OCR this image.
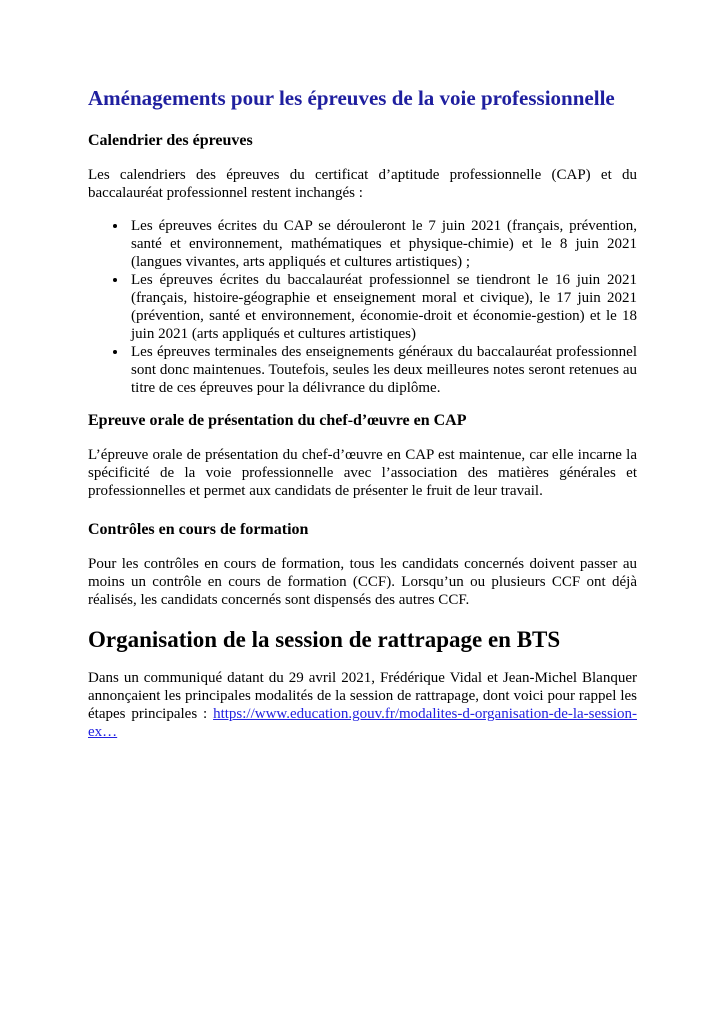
Aménagements pour les épreuves de la voie professionnelle
Calendrier des épreuves

Les calendriers des épreuves du certificat d’aptitude professionnelle (CAP) et du baccalauréat professionnel restent inchangés :

• Les épreuves écrites du CAP se dérouleront le 7 juin 2021 (français, prévention, santé et environnement, mathématiques et physique-chimie) et le 8 juin 2021 (langues vivantes, arts appliqués et cultures artistiques) ;
• Les épreuves écrites du baccalauréat professionnel se tiendront le 16 juin 2021 (français, histoire-géographie et enseignement moral et civique), le 17 juin 2021 (prévention, santé et environnement, économie-droit et économie-gestion) et le 18 juin 2021 (arts appliqués et cultures artistiques)
• Les épreuves terminales des enseignements généraux du baccalauréat professionnel sont donc maintenues. Toutefois, seules les deux meilleures notes seront retenues au titre de ces épreuves pour la délivrance du diplôme.
Epreuve orale de présentation du chef-d’œuvre en CAP

L’épreuve orale de présentation du chef-d’œuvre en CAP est maintenue, car elle incarne la spécificité de la voie professionnelle avec l’association des matières générales et professionnelles et permet aux candidats de présenter le fruit de leur travail.

Contrôles en cours de formation

Pour les contrôles en cours de formation, tous les candidats concernés doivent passer au moins un contrôle en cours de formation (CCF). Lorsqu’un ou plusieurs CCF ont déjà réalisés, les candidats concernés sont dispensés des autres CCF.

Organisation de la session de rattrapage en BTS

Dans un communiqué datant du 29 avril 2021, Frédérique Vidal et Jean-Michel Blanquer annonçaient les principales modalités de la session de rattrapage, dont voici pour rappel les étapes principales : https://www.education.gouv.fr/modalites-d-organisation-de-la-session-ex…
